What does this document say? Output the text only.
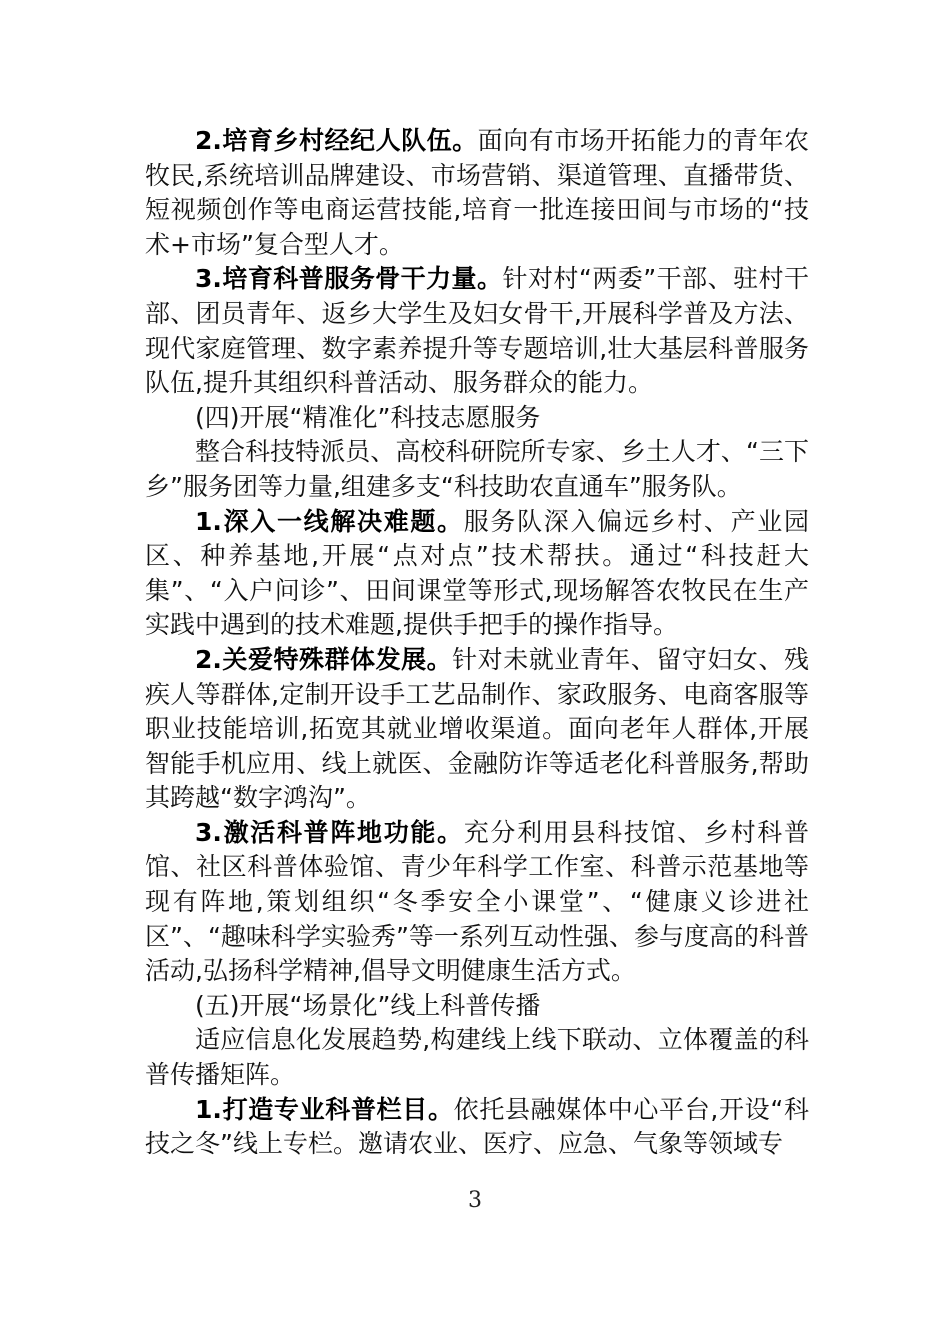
2.培育乡村经纪人队伍。面向有市场开拓能力的青年农牧民,系统培训品牌建设、市场营销、渠道管理、直播带货、短视频创作等电商运营技能,培育一批连接田间与市场的“技术+市场”复合型人才。

3.培育科普服务骨干力量。针对村“两委”干部、驻村干部、团员青年、返乡大学生及妇女骨干,开展科学普及方法、现代家庭管理、数字素养提升等专题培训,壮大基层科普服务队伍,提升其组织科普活动、服务群众的能力。

(四)开展“精准化”科技志愿服务

整合科技特派员、高校科研院所专家、乡土人才、“三下乡”服务团等力量,组建多支“科技助农直通车”服务队。

1.深入一线解决难题。服务队深入偏远乡村、产业园区、种养基地,开展“点对点”技术帮扶。通过“科技赶大集”、“入户问诊”、田间课堂等形式,现场解答农牧民在生产实践中遇到的技术难题,提供手把手的操作指导。

2.关爱特殊群体发展。针对未就业青年、留守妇女、残疾人等群体,定制开设手工艺品制作、家政服务、电商客服等职业技能培训,拓宽其就业增收渠道。面向老年人群体,开展智能手机应用、线上就医、金融防诈等适老化科普服务,帮助其跨越“数字鸿沟”。

3.激活科普阵地功能。充分利用县科技馆、乡村科普馆、社区科普体验馆、青少年科学工作室、科普示范基地等现有阵地,策划组织“冬季安全小课堂”、“健康义诊进社区”、“趣味科学实验秀”等一系列互动性强、参与度高的科普活动,弘扬科学精神,倡导文明健康生活方式。

(五)开展“场景化”线上科普传播

适应信息化发展趋势,构建线上线下联动、立体覆盖的科普传播矩阵。

1.打造专业科普栏目。依托县融媒体中心平台,开设“科技之冬”线上专栏。邀请农业、医疗、应急、气象等领域专

3
